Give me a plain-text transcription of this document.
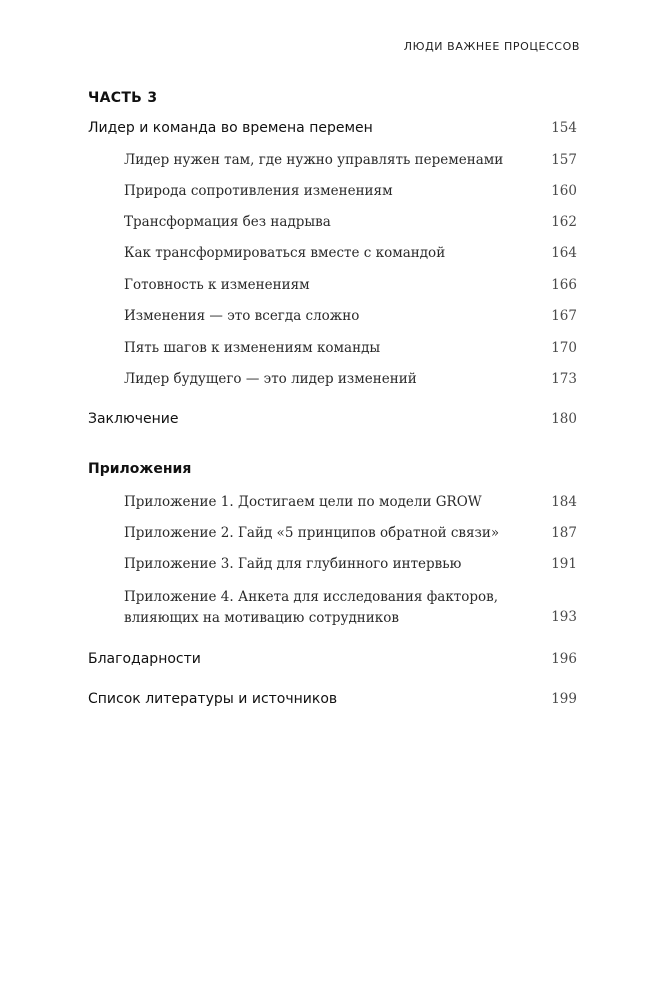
ЛЮДИ ВАЖНЕЕ ПРОЦЕССОВ
ЧАСТЬ 3
Лидер и команда во времена перемен	154
Лидер нужен там, где нужно управлять переменами	157
Природа сопротивления изменениям	160
Трансформация без надрыва	162
Как трансформироваться вместе с командой	164
Готовность к изменениям	166
Изменения — это всегда сложно	167
Пять шагов к изменениям команды	170
Лидер будущего — это лидер изменений	173
Заключение	180
Приложения
Приложение 1. Достигаем цели по модели GROW	184
Приложение 2. Гайд «5 принципов обратной связи»	187
Приложение 3. Гайд для глубинного интервью	191
Приложение 4. Анкета для исследования факторов,
влияющих на мотивацию сотрудников	193
Благодарности	196
Список литературы и источников	199
